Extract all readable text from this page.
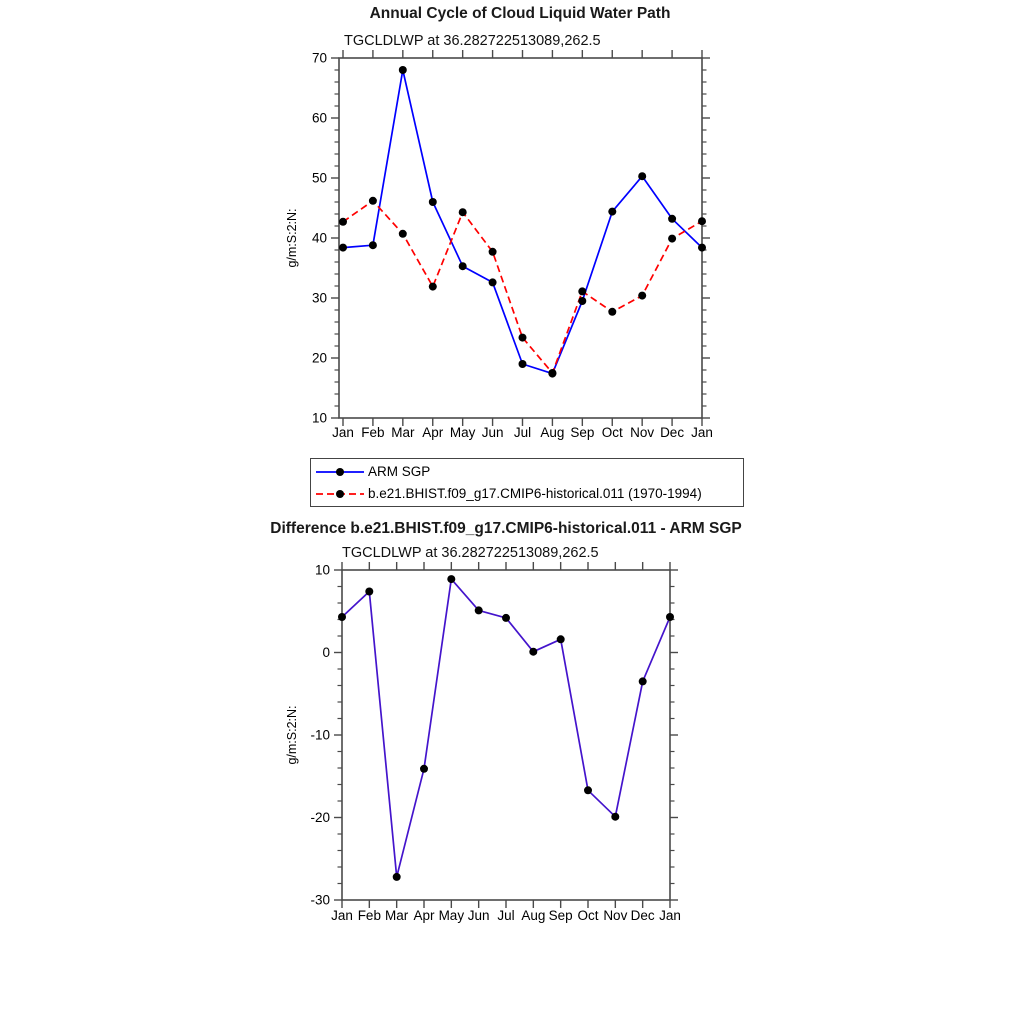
10
20
30
40
50
60
70
Jan Feb Mar Apr May Jun Jul Aug Sep Oct Nov Dec Jan
g/m:S:2:N:
-30
-20
-10
0
10
Jan Feb Mar Apr May Jun Jul Aug Sep Oct Nov Dec Jan
g/m:S:2:N:
Annual Cycle of Cloud Liquid Water Path
TGCLDLWP at 36.282722513089,262.5
ARM SGP
b.e21.BHIST.f09_g17.CMIP6-historical.011 (1970-1994)
Difference b.e21.BHIST.f09_g17.CMIP6-historical.011 - ARM SGP
TGCLDLWP at 36.282722513089,262.5
